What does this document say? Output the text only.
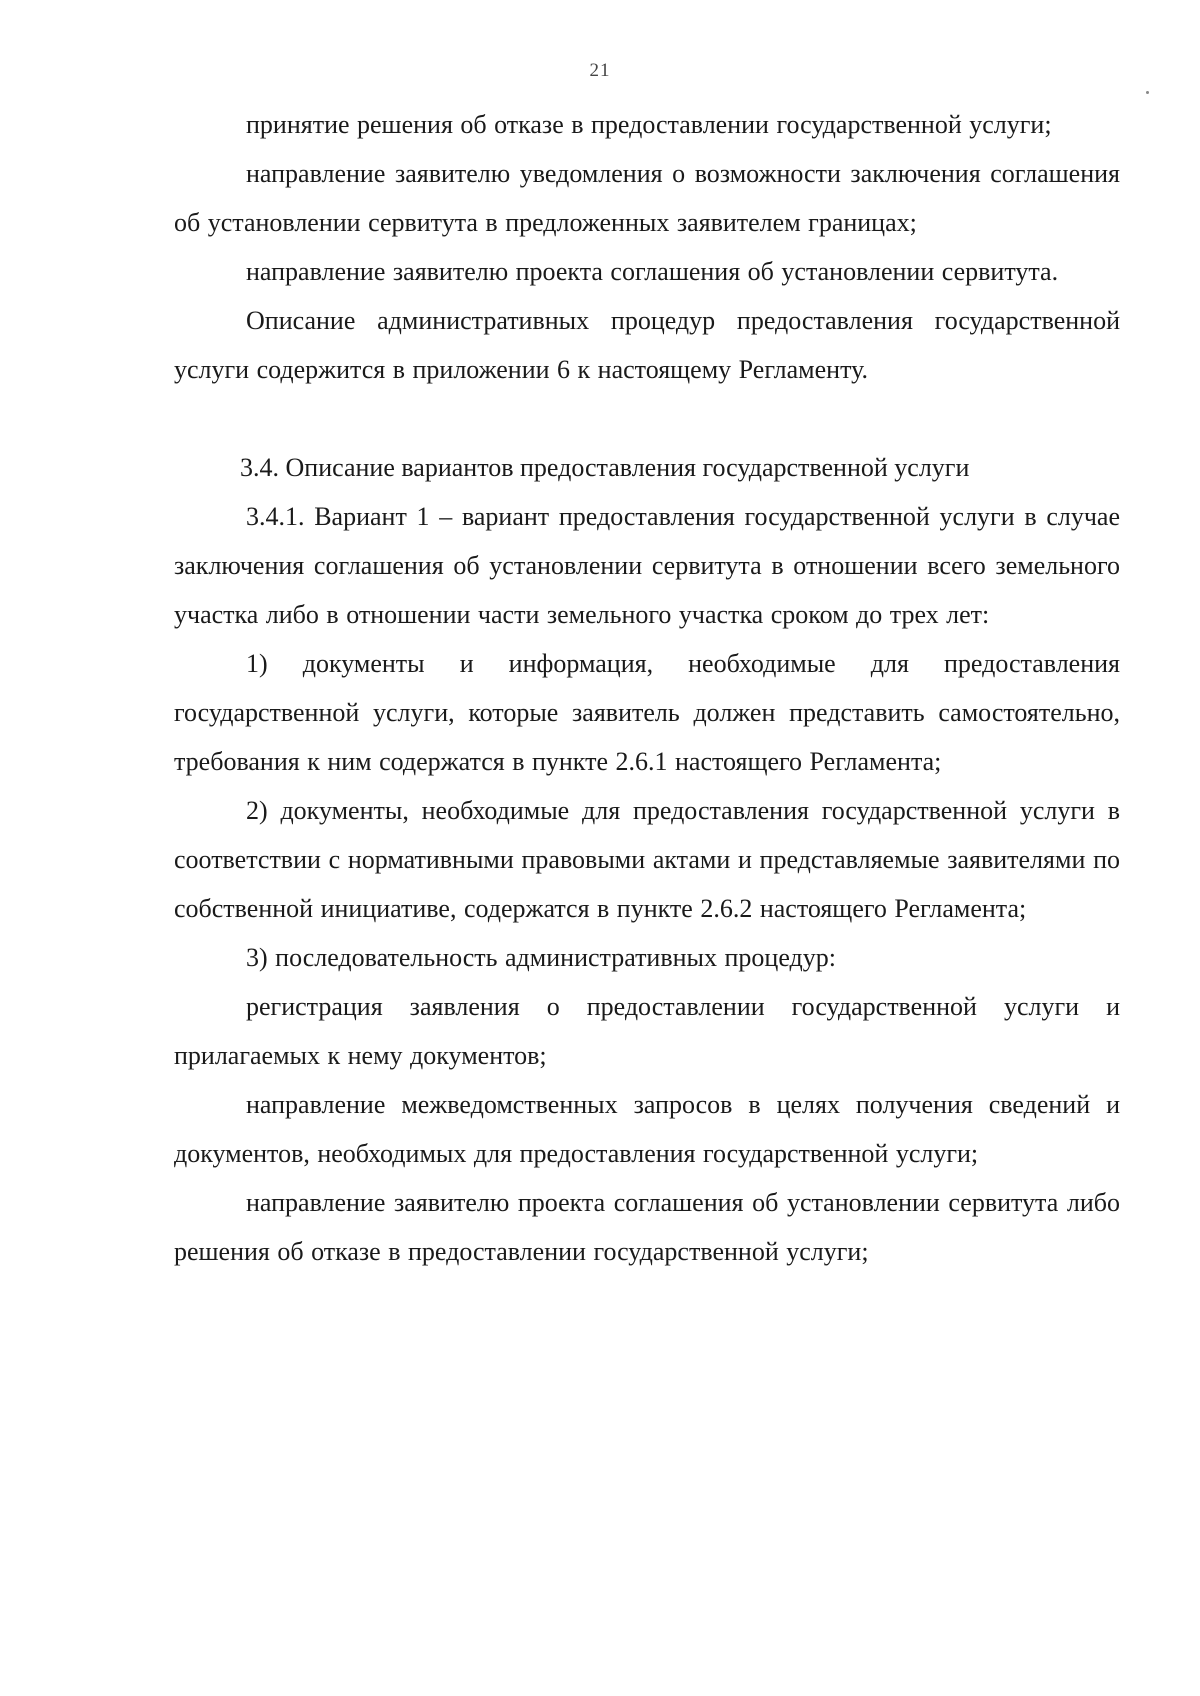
21

принятие решения об отказе в предоставлении государственной услуги;

направление заявителю уведомления о возможности заключения соглашения об установлении сервитута в предложенных заявителем границах;

направление заявителю проекта соглашения об установлении сервитута.

Описание административных процедур предоставления государственной услуги содержится в приложении 6 к настоящему Регламенту.

3.4. Описание вариантов предоставления государственной услуги

3.4.1. Вариант 1 – вариант предоставления государственной услуги в случае заключения соглашения об установлении сервитута в отношении всего земельного участка либо в отношении части земельного участка сроком до трех лет:

1) документы и информация, необходимые для предоставления государственной услуги, которые заявитель должен представить самостоятельно, требования к ним содержатся в пункте 2.6.1 настоящего Регламента;

2) документы, необходимые для предоставления государственной услуги в соответствии с нормативными правовыми актами и представляемые заявителями по собственной инициативе, содержатся в пункте 2.6.2 настоящего Регламента;

3) последовательность административных процедур:

регистрация заявления о предоставлении государственной услуги и прилагаемых к нему документов;

направление межведомственных запросов в целях получения сведений и документов, необходимых для предоставления государственной услуги;

направление заявителю проекта соглашения об установлении сервитута либо решения об отказе в предоставлении государственной услуги;
